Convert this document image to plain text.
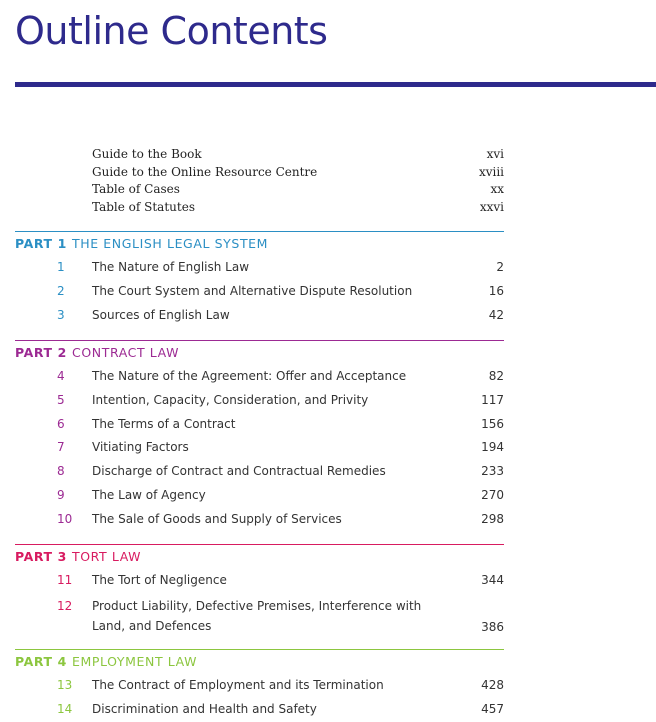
Outline Contents
Guide to the Book	xvi
Guide to the Online Resource Centre	xviii
Table of Cases	xx
Table of Statutes	xxvi
PART 1 THE ENGLISH LEGAL SYSTEM
1	The Nature of English Law	2
2	The Court System and Alternative Dispute Resolution	16
3	Sources of English Law	42
PART 2 CONTRACT LAW
4	The Nature of the Agreement: Offer and Acceptance	82
5	Intention, Capacity, Consideration, and Privity	117
6	The Terms of a Contract	156
7	Vitiating Factors	194
8	Discharge of Contract and Contractual Remedies	233
9	The Law of Agency	270
10	The Sale of Goods and Supply of Services	298
PART 3 TORT LAW
11	The Tort of Negligence	344
12	Product Liability, Defective Premises, Interference with Land, and Defences	386
PART 4 EMPLOYMENT LAW
13	The Contract of Employment and its Termination	428
14	Discrimination and Health and Safety	457
